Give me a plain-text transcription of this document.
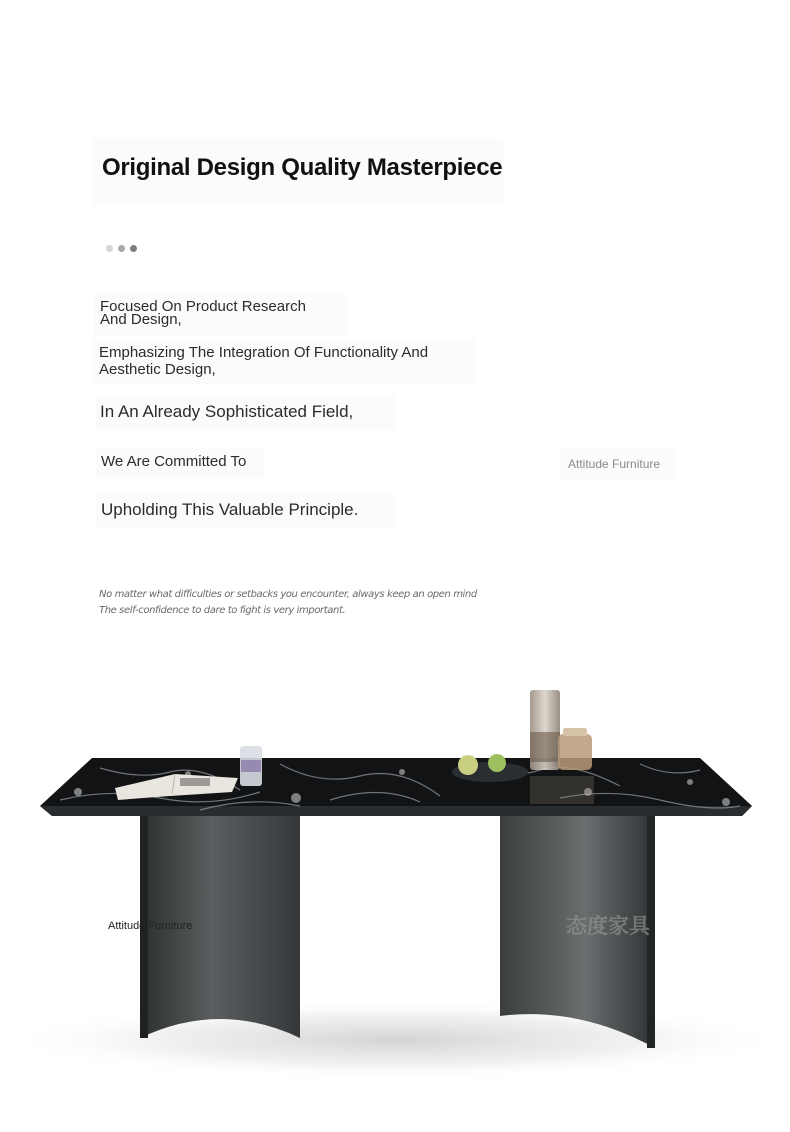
Original Design Quality Masterpiece
Focused On Product Research
And Design,
Emphasizing The Integration Of Functionality And
Aesthetic Design,
In An Already Sophisticated Field,
We Are Committed To
Upholding This Valuable Principle.
Attitude Furniture
No matter what difficulties or setbacks you encounter, always keep an open mind
The self-confidence to dare to fight is very important.
Attitude Furniture	态度家具
